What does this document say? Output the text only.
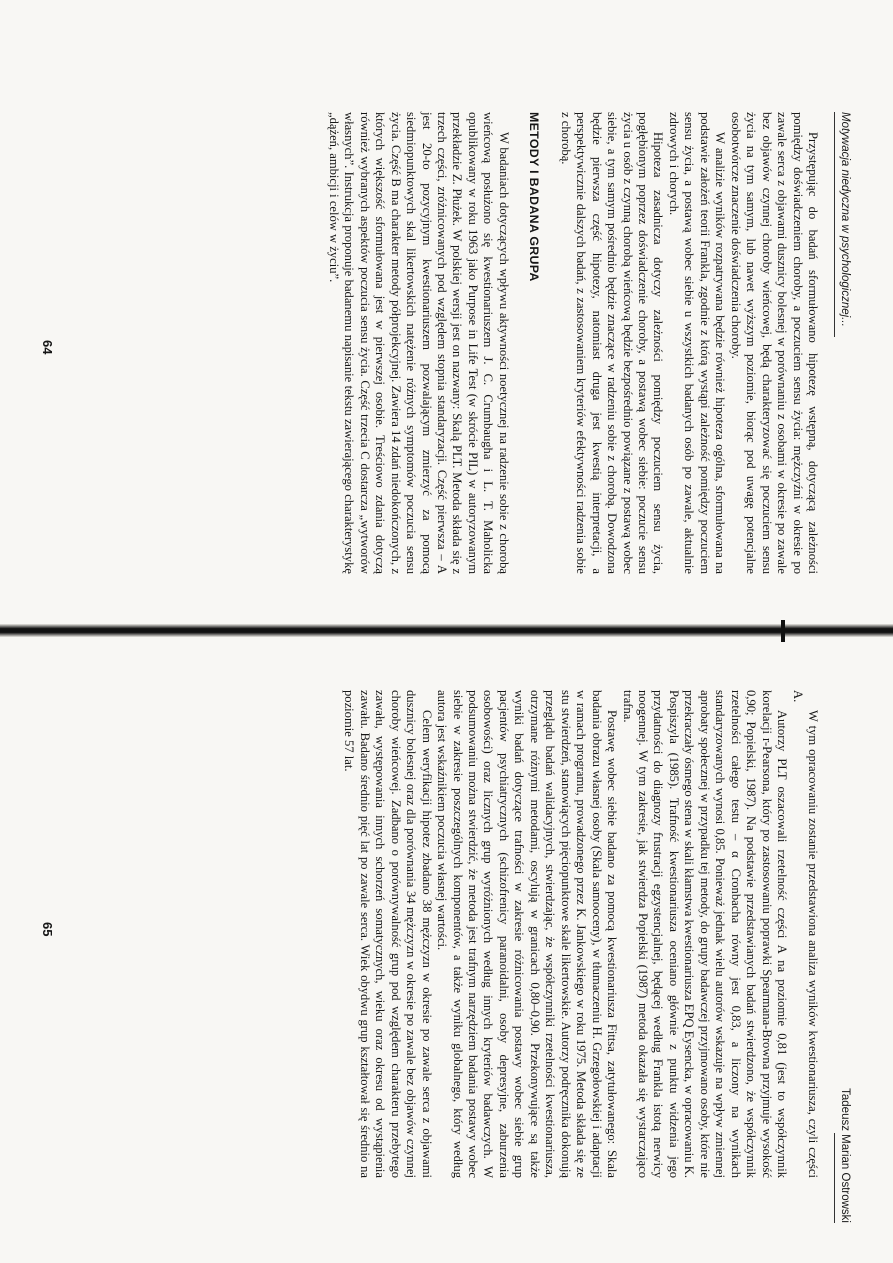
Motywacja niedyczna w psychologicznej...

Przystępując do badań sformułowano hipotezę wstępną, dotyczącą zależności pomiędzy doświadczeniem choroby, a poczuciem sensu życia: mężczyźni w okresie po zawale serca z objawami dusznicy bolesnej w porównaniu z osobami w okresie po zawale bez objawów czynnej choroby wieńcowej, będą charakteryzować się poczuciem sensu życia na tym samym, lub nawet wyższym poziomie, biorąc pod uwagę potencjalne osobotwórcze znaczenie doświadczenia choroby.

W analizie wyników rozpatrywana będzie również hipoteza ogólna, sformułowana na podstawie założeń teorii Frankla, zgodnie z którą wystąpi zależność pomiędzy poczuciem sensu życia, a postawą wobec siebie u wszystkich badanych osób po zawale, aktualnie zdrowych i chorych.

Hipoteza zasadnicza dotyczy zależności pomiędzy poczuciem sensu życia, pogłębionym poprzez doświadczenie choroby, a postawą wobec siebie: poczucie sensu życia u osób z czynną chorobą wieńcową będzie bezpośrednio powiązane z postawą wobec siebie, a tym samym pośrednio będzie znaczące w radzeniu sobie z chorobą. Dowodzona będzie pierwsza część hipotezy, natomiast druga jest kwestią interpretacji, a perspektywicznie dalszych badań, z zastosowaniem kryteriów efektywności radzenia sobie z chorobą.

METODY I BADANA GRUPA

W badaniach dotyczących wpływu aktywności noetycznej na radzenie sobie z chorobą wieńcową posłużono się kwestionariuszem J. C. Crumbaugha i L. T. Maholicka opublikowany w roku 1963 jako Purpose in Life Test (w skrócie PIL) w autoryzowanym przekładzie Z. Płużek. W polskiej wersji jest on nazwany: Skalą PLT. Metoda składa się z trzech części, zróżnicowanych pod względem stopnia standaryzacji. Część pierwsza – A jest 20-to pozycyjnym kwestionariuszem pozwalającym zmierzyć za pomocą siedmiopunktowych skal likertowskich natężenie różnych symptomów poczucia sensu życia. Część B ma charakter metody półprojekcyjnej. Zawiera 14 zdań niedokończonych, z których większość sformułowana jest w pierwszej osobie. Treściowo zdania dotyczą również wybranych aspektów poczucia sensu życia. Część trzecia C dostarcza „wytworów własnych”. Instrukcja proponuje badanemu napisanie tekstu zawierającego charakterystykę „dążeń, ambicji i celów w życiu”.

64
Tadeusz Marian Ostrowski

W tym opracowaniu zostanie przedstawiona analiza wyników kwestionariusza, czyli części A.

Autorzy PLT oszacowali rzetelność części A na poziomie 0,81 (jest to współczynnik korelacji r-Pearsona, który po zastosowaniu poprawki Spearmana-Browna przyjmuje wysokość 0,90; Popielski, 1987). Na podstawie przedstawianych badań stwierdzono, że współczynnik rzetelności całego testu – α Cronbacha równy jest 0,83, a liczony na wynikach standaryzowanych wynosi 0,85. Ponieważ jednak wielu autorów wskazuje na wpływ zmiennej aprobaty społecznej w przypadku tej metody, do grupy badawczej przyjmowano osoby, które nie przekraczały ósmego stena w skali kłamstwa kwestionariusza EPQ Eysencka, w opracowaniu K. Pospiszyla (1985). Trafność kwestionariusza oceniano głównie z punktu widzenia jego przydatności do diagnozy frustracji egzystencjalnej, będącej według Frankla istotą nerwicy noogennej. W tym zakresie, jak stwierdza Popielski (1987) metoda okazała się wystarczająco trafna.

Postawę wobec siebie badano za pomocą kwestionariusza Fittsa, zatytułowanego: Skala badania obrazu własnej osoby (Skala samooceny), w tłumaczeniu H. Grzegołowskiej i adaptacji w ramach programu, prowadzonego przez K. Jankowskiego w roku 1975. Metoda składa się ze stu stwierdzeń, stanowiących pięciopunktowe skale likertowskie. Autorzy podręcznika dokonują przeglądu badań walidacyjnych, stwierdzając, że współczynniki rzetelności kwestionariusza, otrzymane różnymi metodami, oscylują w granicach 0,80–0,90. Przekonywujące są także wyniki badań dotyczące trafności w zakresie różnicowania postawy wobec siebie grup pacjentów psychiatrycznych (schizofrenicy paranoidalni, osoby depresyjne, zaburzenia osobowości) oraz licznych grup wyróżnionych według innych kryteriów badawczych. W podsumowaniu można stwierdzić, że metoda jest trafnym narzędziem badania postawy wobec siebie w zakresie poszczególnych komponentów, a także wyniku globalnego, który według autora jest wskaźnikiem poczucia własnej wartości.

Celem weryfikacji hipotez zbadano 38 mężczyzn w okresie po zawale serca z objawami dusznicy bolesnej oraz dla porównania 34 mężczyzn w okresie po zawale bez objawów czynnej choroby wieńcowej. Zadbano o porównywalność grup pod względem charakteru przebytego zawału, występowania innych schorzeń somatycznych, wieku oraz okresu od wystąpienia zawału. Badano średnio pięć lat po zawale serca. Wiek obydwu grup kształtował się średnio na poziomie 57 lat.

65
